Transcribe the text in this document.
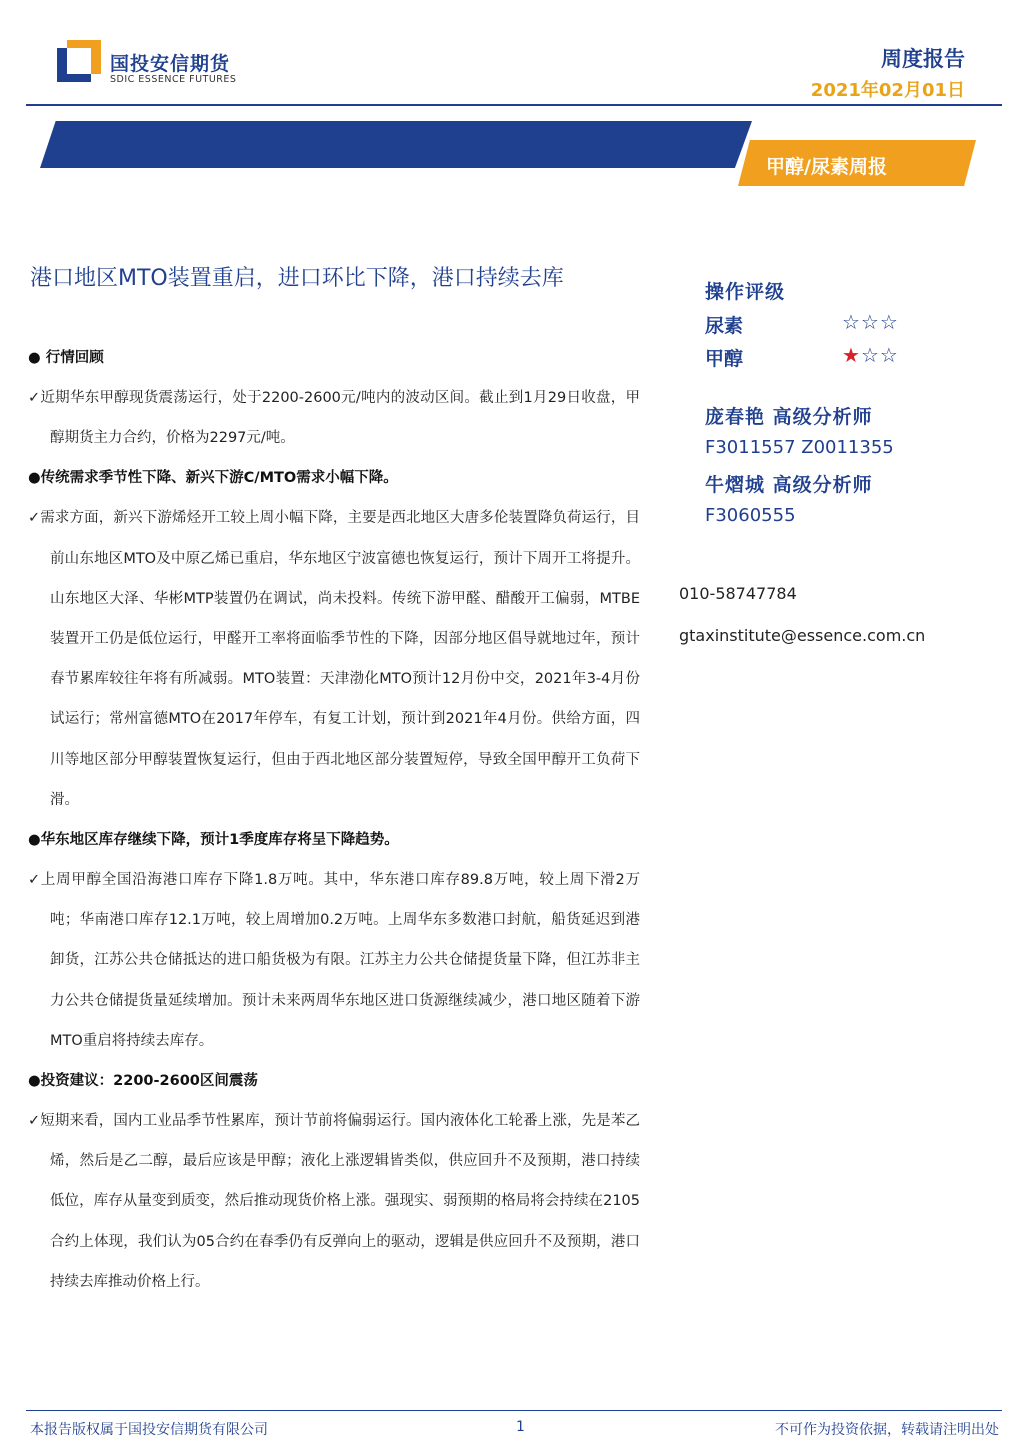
国投安信期货
SDIC ESSENCE FUTURES
周度报告
2021年02月01日
甲醇/尿素周报
港口地区MTO装置重启，进口环比下降，港口持续去库
● 行情回顾
✓近期华东甲醇现货震荡运行，处于2200-2600元/吨内的波动区间。截止到1月29日收盘，甲醇期货主力合约，价格为2297元/吨。
●传统需求季节性下降、新兴下游C/MTO需求小幅下降。
✓需求方面，新兴下游烯烃开工较上周小幅下降，主要是西北地区大唐多伦装置降负荷运行，目前山东地区MTO及中原乙烯已重启，华东地区宁波富德也恢复运行，预计下周开工将提升。山东地区大泽、华彬MTP装置仍在调试，尚未投料。传统下游甲醛、醋酸开工偏弱，MTBE装置开工仍是低位运行，甲醛开工率将面临季节性的下降，因部分地区倡导就地过年，预计春节累库较往年将有所减弱。MTO装置：天津渤化MTO预计12月份中交，2021年3-4月份试运行；常州富德MTO在2017年停车，有复工计划，预计到2021年4月份。供给方面，四川等地区部分甲醇装置恢复运行，但由于西北地区部分装置短停，导致全国甲醇开工负荷下滑。
●华东地区库存继续下降，预计1季度库存将呈下降趋势。
✓上周甲醇全国沿海港口库存下降1.8万吨。其中，华东港口库存89.8万吨，较上周下滑2万吨；华南港口库存12.1万吨，较上周增加0.2万吨。上周华东多数港口封航，船货延迟到港卸货，江苏公共仓储抵达的进口船货极为有限。江苏主力公共仓储提货量下降，但江苏非主力公共仓储提货量延续增加。预计未来两周华东地区进口货源继续减少，港口地区随着下游MTO重启将持续去库存。
●投资建议：2200-2600区间震荡
✓短期来看，国内工业品季节性累库，预计节前将偏弱运行。国内液体化工轮番上涨，先是苯乙烯，然后是乙二醇，最后应该是甲醇；液化上涨逻辑皆类似，供应回升不及预期，港口持续低位，库存从量变到质变，然后推动现货价格上涨。强现实、弱预期的格局将会持续在2105合约上体现，我们认为05合约在春季仍有反弹向上的驱动，逻辑是供应回升不及预期，港口持续去库推动价格上行。
操作评级
尿素	☆☆☆
甲醇	★☆☆
庞春艳 高级分析师
F3011557 Z0011355
牛熠城 高级分析师
F3060555
010-58747784
gtaxinstitute@essence.com.cn
本报告版权属于国投安信期货有限公司	1	不可作为投资依据，转载请注明出处
